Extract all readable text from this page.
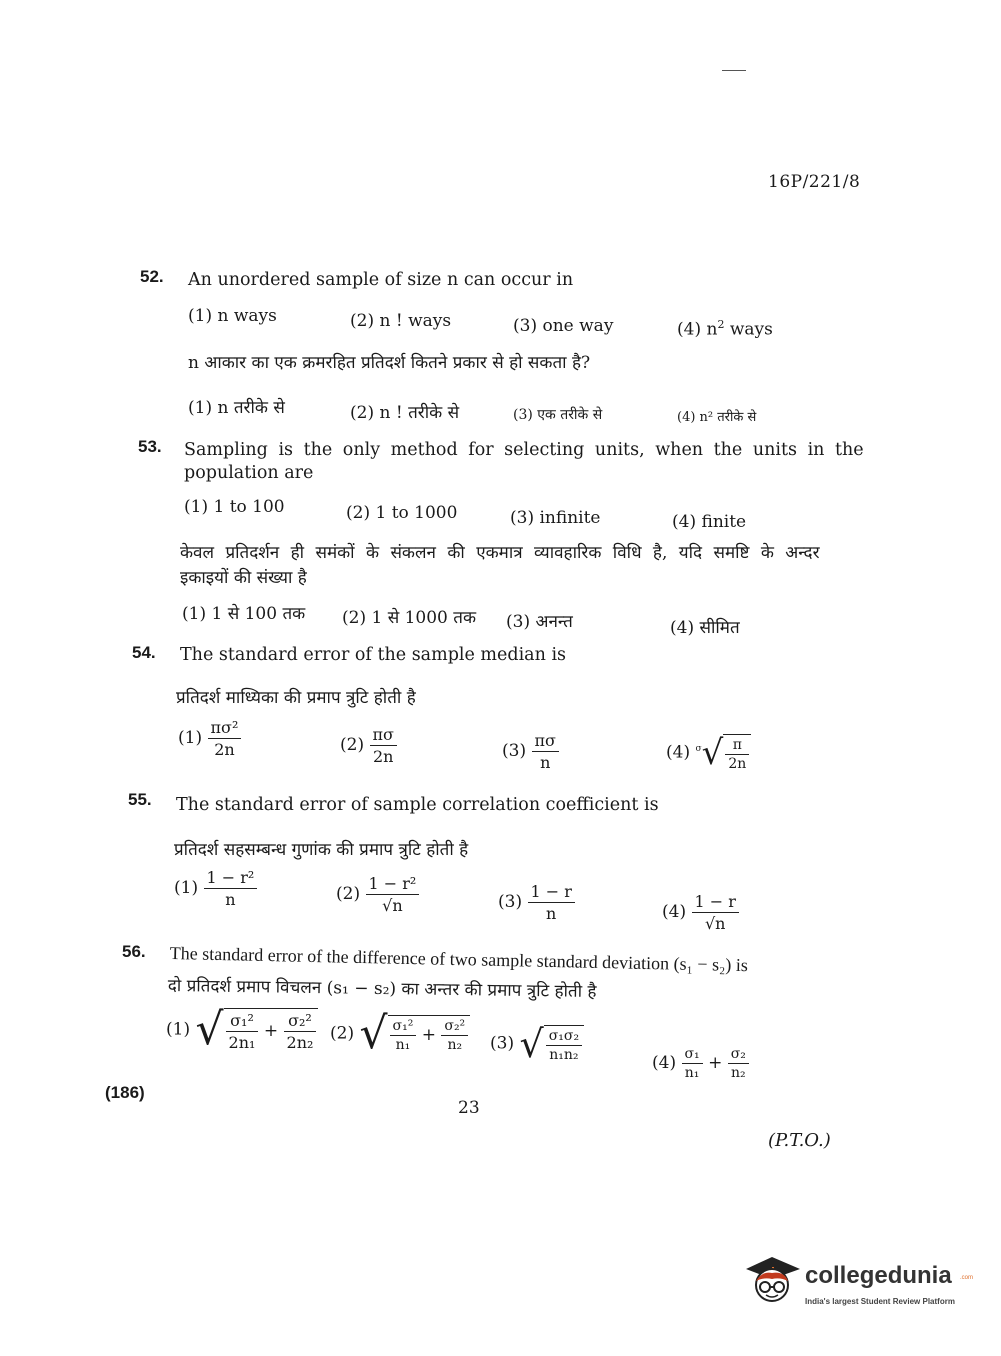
16P/221/8
52. An unordered sample of size n can occur in
(1) n ways	(2) n ! ways	(3) one way	(4) $n^2$ ways
n आकार का एक क्रमरहित प्रतिदर्श कितने प्रकार से हो सकता है?
(1) n तरीके से	(2) n ! तरीके से	(3) एक तरीके से	(4) n² तरीके से
53. Sampling is the only method for selecting units, when the units in the
population are
(1) 1 to 100	(2) 1 to 1000	(3) infinite	(4) finite
केवल प्रतिदर्शन ही समंकों के संकलन की एकमात्र व्यावहारिक विधि है, यदि समष्टि के अन्दर
इकाइयों की संख्या है
(1) 1 से 100 तक (2) 1 से 1000 तक (3) अनन्त	(4) सीमित
54. The standard error of the sample median is
प्रतिदर्श माध्यिका की प्रमाप त्रुटि होती है
$(1) \frac{\text{πσ²}}{2n}$	$(2) \frac{\pi\sigma}{2n}$	$(3) \frac{\pi\sigma}{n}$	(4) $^\sigma√ \frac{\pi}{2n}$
55. The standard error of sample correlation coefficient is
प्रतिदर्श सहसम्बन्ध गुणांक की प्रमाप त्रुटि होती है
$(1) \frac{\text{1 − r²}}{n}$	$(2) \frac{\text{1 − r²}}{√n}$	$(3) \frac{1 - r}{n}$	$(4) \frac{1 - r}{√n}$
56. The standard error of the difference of two sample standard deviation (s₁ − s₂) is
दो प्रतिदर्श प्रमाप विचलन (s₁ − s₂) का अन्तर की प्रमाप त्रुटि होती है
(1) √ $\frac{\text{σ₁²}}{\text{2n₁}} + \frac{\text{σ₂²}}{\text{2n₂}} (2)$ √ $\frac{\text{σ₁²}}{\text{n₁}} + \frac{\text{σ₂²}}{\text{n₂}} (3)$ √ $\frac{\text{σ₁σ₂}}{\text{n₁n₂}}$	$(4) \frac{\text{σ₁}}{\text{n₁}} + \frac{\text{σ₂}}{\text{n₂}}$
(186)
23
(P.T.O.)
collegedunia .com
India's largest Student Review Platform
